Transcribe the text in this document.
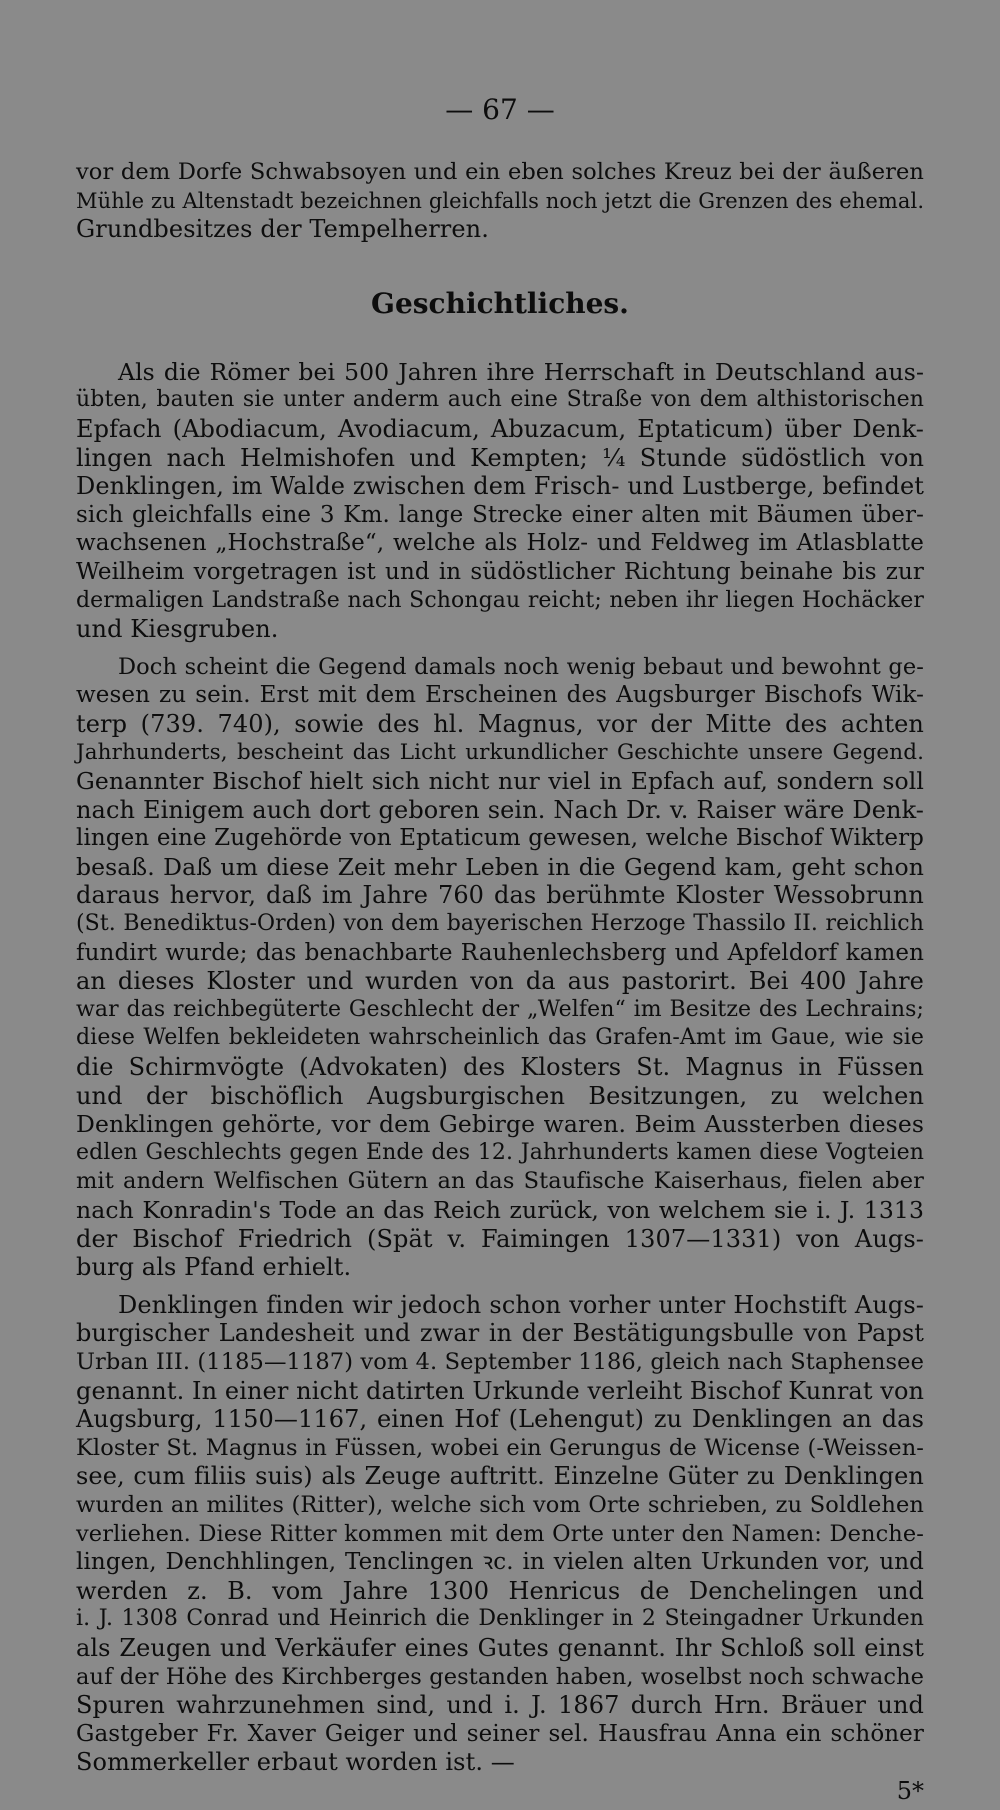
— 67 —
vor dem Dorfe Schwabsoyen und ein eben solches Kreuz bei der äußeren
Mühle zu Altenstadt bezeichnen gleichfalls noch jetzt die Grenzen des ehemal.
Grundbesitzes der Tempelherren.
Geschichtliches.
Als die Römer bei 500 Jahren ihre Herrschaft in Deutschland aus-
übten, bauten sie unter anderm auch eine Straße von dem althistorischen
Epfach (Abodiacum, Avodiacum, Abuzacum, Eptaticum) über Denk-
lingen nach Helmishofen und Kempten; ¼ Stunde südöstlich von
Denklingen, im Walde zwischen dem Frisch- und Lustberge, befindet
sich gleichfalls eine 3 Km. lange Strecke einer alten mit Bäumen über-
wachsenen „Hochstraße“, welche als Holz- und Feldweg im Atlasblatte
Weilheim vorgetragen ist und in südöstlicher Richtung beinahe bis zur
dermaligen Landstraße nach Schongau reicht; neben ihr liegen Hochäcker
und Kiesgruben.
Doch scheint die Gegend damals noch wenig bebaut und bewohnt ge-
wesen zu sein. Erst mit dem Erscheinen des Augsburger Bischofs Wik-
terp (739. 740), sowie des hl. Magnus, vor der Mitte des achten
Jahrhunderts, bescheint das Licht urkundlicher Geschichte unsere Gegend.
Genannter Bischof hielt sich nicht nur viel in Epfach auf, sondern soll
nach Einigem auch dort geboren sein. Nach Dr. v. Raiser wäre Denk-
lingen eine Zugehörde von Eptaticum gewesen, welche Bischof Wikterp
besaß. Daß um diese Zeit mehr Leben in die Gegend kam, geht schon
daraus hervor, daß im Jahre 760 das berühmte Kloster Wessobrunn
(St. Benediktus-Orden) von dem bayerischen Herzoge Thassilo II. reichlich
fundirt wurde; das benachbarte Rauhenlechsberg und Apfeldorf kamen
an dieses Kloster und wurden von da aus pastorirt. Bei 400 Jahre
war das reichbegüterte Geschlecht der „Welfen“ im Besitze des Lechrains;
diese Welfen bekleideten wahrscheinlich das Grafen-Amt im Gaue, wie sie
die Schirmvögte (Advokaten) des Klosters St. Magnus in Füssen
und der bischöflich Augsburgischen Besitzungen, zu welchen
Denklingen gehörte, vor dem Gebirge waren. Beim Aussterben dieses
edlen Geschlechts gegen Ende des 12. Jahrhunderts kamen diese Vogteien
mit andern Welfischen Gütern an das Staufische Kaiserhaus, fielen aber
nach Konradin's Tode an das Reich zurück, von welchem sie i. J. 1313
der Bischof Friedrich (Spät v. Faimingen 1307—1331) von Augs-
burg als Pfand erhielt.
Denklingen finden wir jedoch schon vorher unter Hochstift Augs-
burgischer Landesheit und zwar in der Bestätigungsbulle von Papst
Urban III. (1185—1187) vom 4. September 1186, gleich nach Staphensee
genannt. In einer nicht datirten Urkunde verleiht Bischof Kunrat von
Augsburg, 1150—1167, einen Hof (Lehengut) zu Denklingen an das
Kloster St. Magnus in Füssen, wobei ein Gerungus de Wicense (-Weissen-
see, cum filiis suis) als Zeuge auftritt. Einzelne Güter zu Denklingen
wurden an milites (Ritter), welche sich vom Orte schrieben, zu Soldlehen
verliehen. Diese Ritter kommen mit dem Orte unter den Namen: Denche-
lingen, Denchhlingen, Tenclingen ꝛc. in vielen alten Urkunden vor, und
werden z. B. vom Jahre 1300 Henricus de Denchelingen und
i. J. 1308 Conrad und Heinrich die Denklinger in 2 Steingadner Urkunden
als Zeugen und Verkäufer eines Gutes genannt. Ihr Schloß soll einst
auf der Höhe des Kirchberges gestanden haben, woselbst noch schwache
Spuren wahrzunehmen sind, und i. J. 1867 durch Hrn. Bräuer und
Gastgeber Fr. Xaver Geiger und seiner sel. Hausfrau Anna ein schöner
Sommerkeller erbaut worden ist. —
5*
